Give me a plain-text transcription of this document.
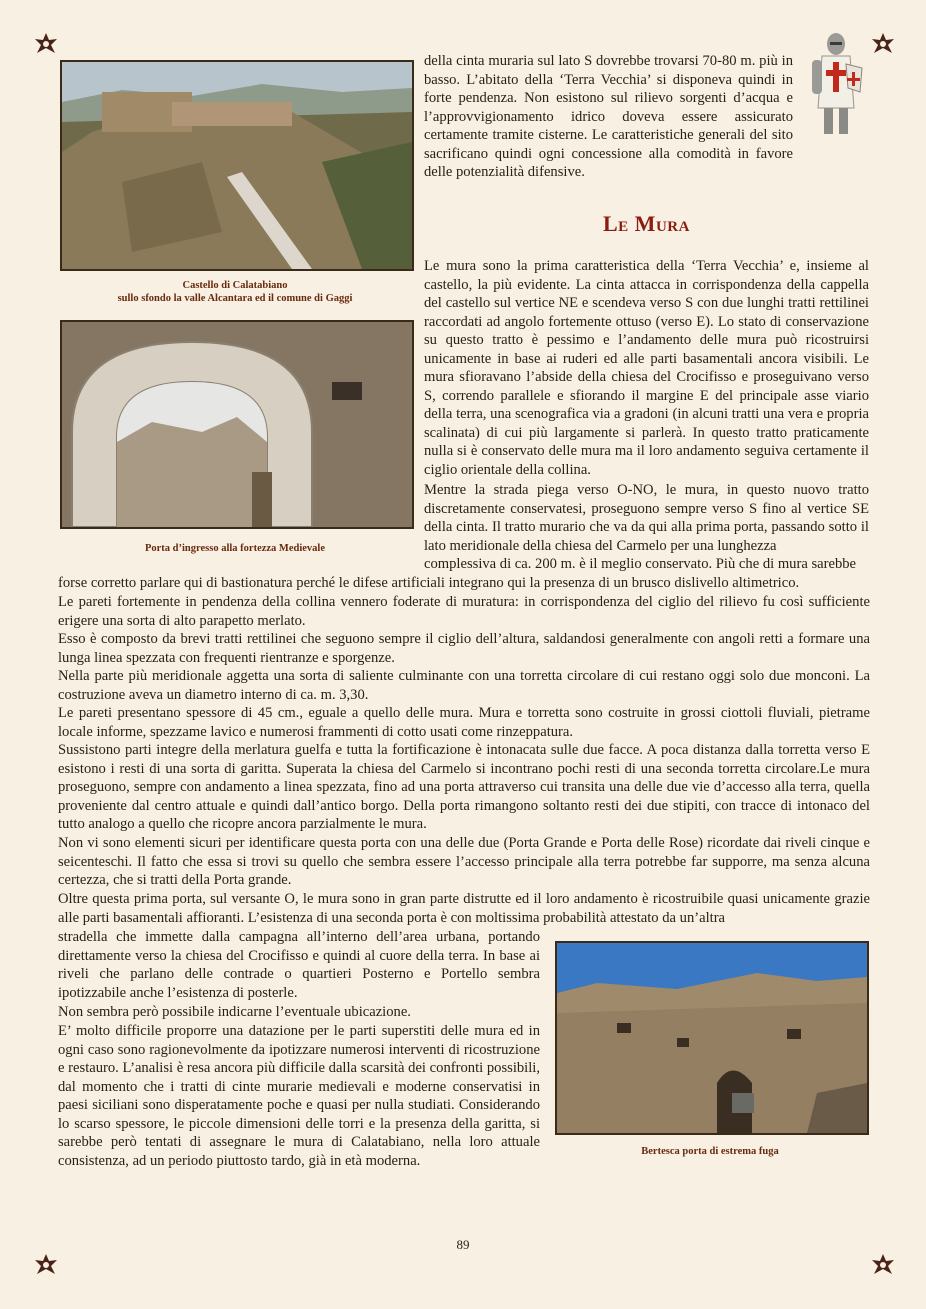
Castello di Calatabiano
sullo sfondo la valle Alcantara ed il comune di Gaggi
Porta d’ingresso alla fortezza Medievale
Bertesca porta di estrema fuga

della cinta muraria sul lato S dovrebbe trovarsi 70-80 m. più in basso. L’abitato della ‘Terra Vecchia’ si disponeva quindi in forte pendenza. Non esistono sul rilievo sorgenti d’acqua e l’approvvigionamento idrico doveva essere assicurato certamente tramite cisterne. Le caratteristiche generali del sito sacrificano quindi ogni concessione alla comodità in favore delle potenzialità difensive.

Le Mura

Le mura sono la prima caratteristica della ‘Terra Vecchia’ e, insieme al castello, la più evidente. La cinta attacca in corrispondenza della cappella del castello sul vertice NE e scendeva verso S con due lunghi tratti rettilinei raccordati ad angolo fortemente ottuso (verso E). Lo stato di conservazione su questo tratto è pessimo e l’andamento delle mura può ricostruirsi unicamente in base ai ruderi ed alle parti basamentali ancora visibili. Le mura sfioravano l’abside della chiesa del Crocifisso e proseguivano verso S, correndo parallele e sfiorando il margine E del principale asse viario della terra, una scenografica via a gradoni (in alcuni tratti una vera e propria scalinata) di cui più largamente si parlerà. In questo tratto praticamente nulla si è conservato delle mura ma il loro andamento seguiva certamente il ciglio orientale della collina.

Mentre la strada piega verso O-NO, le mura, in questo nuovo tratto discretamente conservatesi, proseguono sempre verso S fino al vertice SE della cinta. Il tratto murario che va da qui alla prima porta, passando sotto il lato meridionale della chiesa del Carmelo per una lunghezza

complessiva di ca. 200 m. è il meglio conservato. Più che di mura sarebbe

forse corretto parlare qui di bastionatura perché le difese artificiali integrano qui la presenza di un brusco dislivello altimetrico.

Le pareti fortemente in pendenza della collina vennero foderate di muratura: in corrispondenza del ciglio del rilievo fu così sufficiente erigere una sorta di alto parapetto merlato.

Esso è composto da brevi tratti rettilinei che seguono sempre il ciglio dell’altura, saldandosi generalmente con angoli retti a formare una lunga linea spezzata con frequenti rientranze e sporgenze.

Nella parte più meridionale aggetta una sorta di saliente culminante con una torretta circolare di cui restano oggi solo due monconi. La costruzione aveva un diametro interno di ca. m. 3,30.

Le pareti presentano spessore di 45 cm., eguale a quello delle mura. Mura e torretta sono costruite in grossi ciottoli fluviali, pietrame locale informe, spezzame lavico e numerosi frammenti di cotto usati come rinzeppatura.

Sussistono parti integre della merlatura guelfa e tutta la fortificazione è intonacata sulle due facce. A poca distanza dalla torretta verso E esistono i resti di una sorta di garitta. Superata la chiesa del Carmelo si incontrano pochi resti di una seconda torretta circolare.Le mura proseguono, sempre con andamento a linea spezzata, fino ad una porta attraverso cui transita una delle due vie d’accesso alla terra, quella proveniente dal centro attuale e quindi dall’antico borgo. Della porta rimangono soltanto resti dei due stipiti, con tracce di intonaco del tutto analogo a quello che ricopre ancora parzialmente le mura.

Non vi sono elementi sicuri per identificare questa porta con una delle due (Porta Grande e Porta delle Rose) ricordate dai riveli cinque e seicenteschi. Il fatto che essa si trovi su quello che sembra essere l’accesso principale alla terra potrebbe far supporre, ma senza alcuna certezza, che si tratti della Porta grande.

Oltre questa prima porta, sul versante O, le mura sono in gran parte distrutte ed il loro andamento è ricostruibile quasi unicamente grazie alle parti basamentali affioranti. L’esistenza di una seconda porta è con moltissima probabilità attestato da un’altra

stradella che immette dalla campagna all’interno dell’area urbana, portando direttamente verso la chiesa del Crocifisso e quindi al cuore della terra. In base ai riveli che parlano delle contrade o quartieri Posterno e Portello sembra ipotizzabile anche l’esistenza di posterle.

Non sembra però possibile indicarne l’eventuale ubicazione.

E’ molto difficile proporre una datazione per le parti superstiti delle mura ed in ogni caso sono ragionevolmente da ipotizzare numerosi interventi di ricostruzione e restauro. L’analisi è resa ancora più difficile dalla scarsità dei confronti possibili, dal momento che i tratti di cinte murarie medievali e moderne conservatisi in paesi siciliani sono disperatamente poche e quasi per nulla studiati. Considerando lo scarso spessore, le piccole dimensioni delle torri e la presenza della garitta, si sarebbe però tentati di assegnare le mura di Calatabiano, nella loro attuale consistenza, ad un periodo piuttosto tardo, già in età moderna.

89
